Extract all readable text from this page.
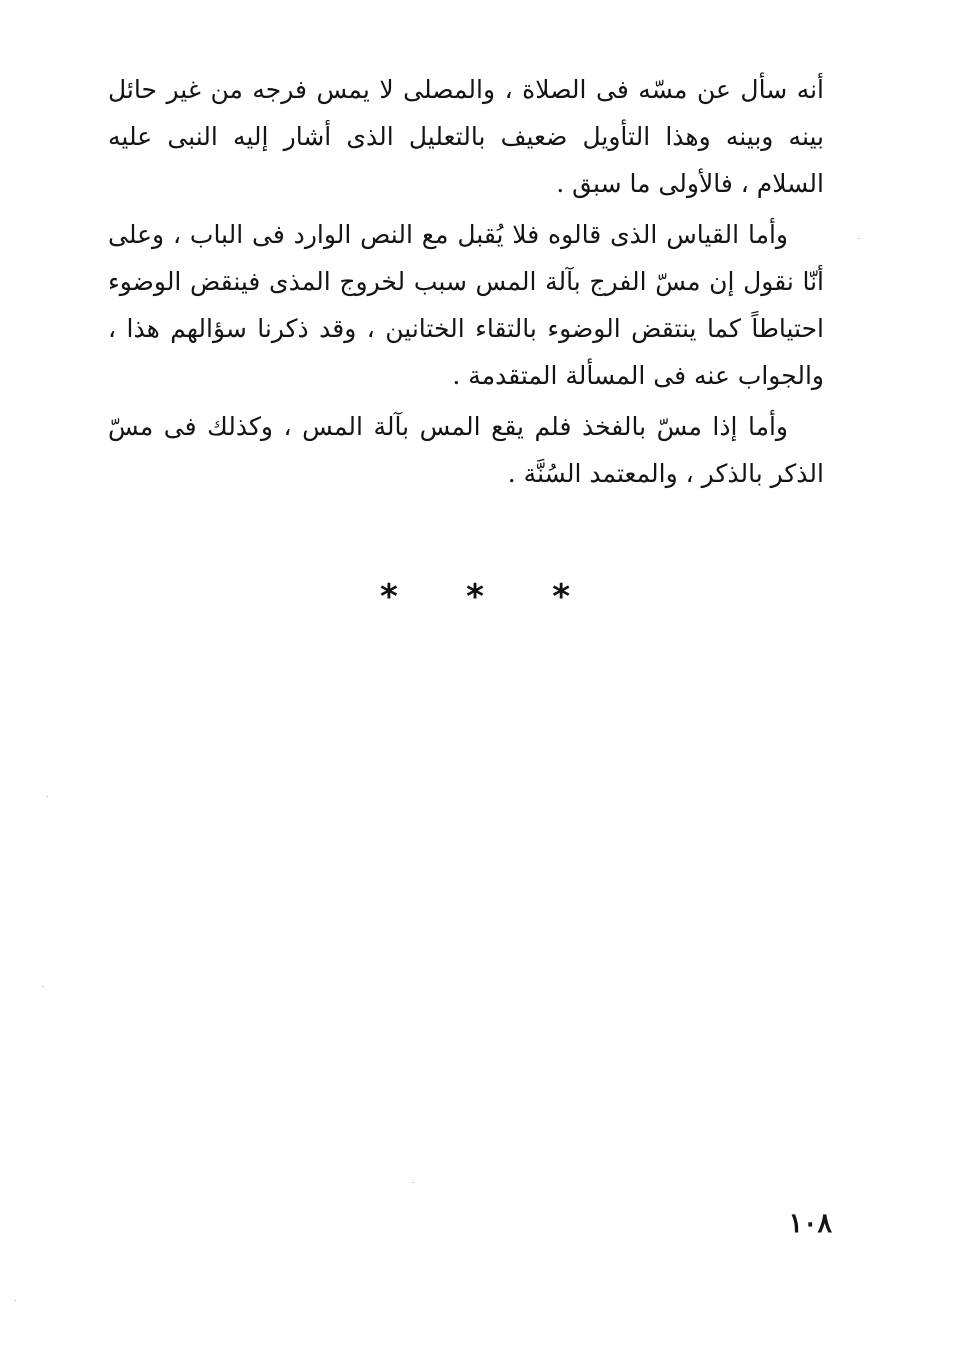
أنه سأل عن مسّه فى الصلاة ، والمصلى لا يمس فرجه من غير حائل بينه وبينه وهذا التأويل ضعيف بالتعليل الذى أشار إليه النبى عليه السلام ، فالأولى ما سبق .

وأما القياس الذى قالوه فلا يُقبل مع النص الوارد فى الباب ، وعلى أنّا نقول إن مسّ الفرج بآلة المس سبب لخروج المذى فينقض الوضوء احتياطاً كما ينتقض الوضوء بالتقاء الختانين ، وقد ذكرنا سؤالهم هذا ، والجواب عنه فى المسألة المتقدمة .

وأما إذا مسّ بالفخذ فلم يقع المس بآلة المس ، وكذلك فى مسّ الذكر بالذكر ، والمعتمد السُنَّة .

* * *
١٠٨
